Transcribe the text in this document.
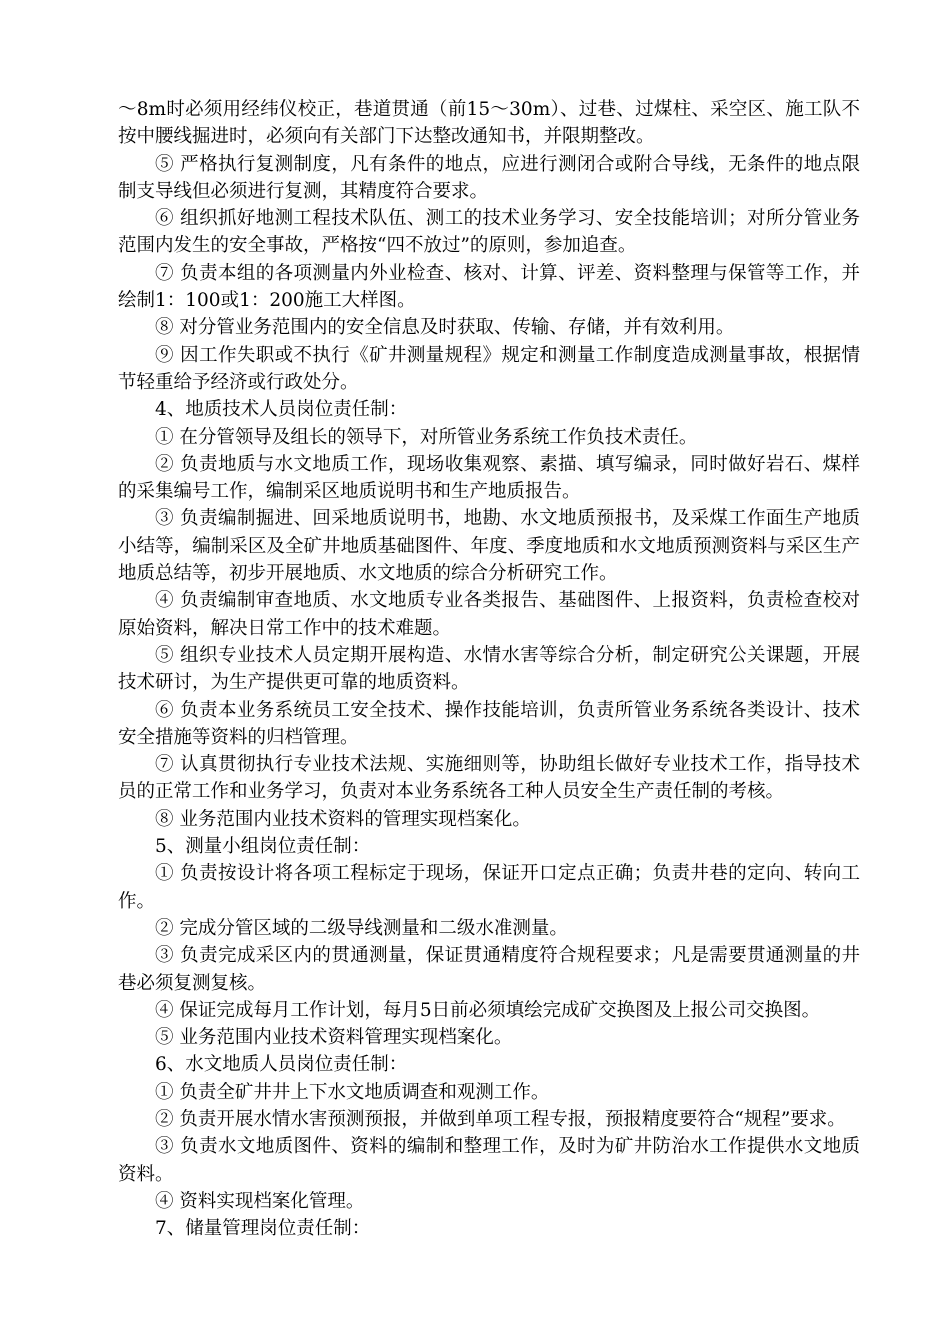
～8m时必须用经纬仪校正，巷道贯通（前15～30m）、过巷、过煤柱、采空区、施工队不按中腰线掘进时，必须向有关部门下达整改通知书，并限期整改。

⑤ 严格执行复测制度，凡有条件的地点，应进行测闭合或附合导线，无条件的地点限制支导线但必须进行复测，其精度符合要求。

⑥ 组织抓好地测工程技术队伍、测工的技术业务学习、安全技能培训；对所分管业务范围内发生的安全事故，严格按“四不放过”的原则，参加追查。

⑦ 负责本组的各项测量内外业检查、核对、计算、评差、资料整理与保管等工作，并绘制1：100或1：200施工大样图。

⑧ 对分管业务范围内的安全信息及时获取、传输、存储，并有效利用。

⑨ 因工作失职或不执行《矿井测量规程》规定和测量工作制度造成测量事故，根据情节轻重给予经济或行政处分。

4、地质技术人员岗位责任制：

① 在分管领导及组长的领导下，对所管业务系统工作负技术责任。

② 负责地质与水文地质工作，现场收集观察、素描、填写编录，同时做好岩石、煤样的采集编号工作，编制采区地质说明书和生产地质报告。

③ 负责编制掘进、回采地质说明书，地勘、水文地质预报书，及采煤工作面生产地质小结等，编制采区及全矿井地质基础图件、年度、季度地质和水文地质预测资料与采区生产地质总结等，初步开展地质、水文地质的综合分析研究工作。

④ 负责编制审查地质、水文地质专业各类报告、基础图件、上报资料，负责检查校对原始资料，解决日常工作中的技术难题。

⑤ 组织专业技术人员定期开展构造、水情水害等综合分析，制定研究公关课题，开展技术研讨，为生产提供更可靠的地质资料。

⑥ 负责本业务系统员工安全技术、操作技能培训，负责所管业务系统各类设计、技术安全措施等资料的归档管理。

⑦ 认真贯彻执行专业技术法规、实施细则等，协助组长做好专业技术工作，指导技术员的正常工作和业务学习，负责对本业务系统各工种人员安全生产责任制的考核。

⑧ 业务范围内业技术资料的管理实现档案化。

5、测量小组岗位责任制：

① 负责按设计将各项工程标定于现场，保证开口定点正确；负责井巷的定向、转向工作。

② 完成分管区域的二级导线测量和二级水准测量。

③ 负责完成采区内的贯通测量，保证贯通精度符合规程要求；凡是需要贯通测量的井巷必须复测复核。

④ 保证完成每月工作计划，每月5日前必须填绘完成矿交换图及上报公司交换图。

⑤ 业务范围内业技术资料管理实现档案化。

6、水文地质人员岗位责任制：

① 负责全矿井井上下水文地质调查和观测工作。

② 负责开展水情水害预测预报，并做到单项工程专报，预报精度要符合“规程”要求。

③ 负责水文地质图件、资料的编制和整理工作，及时为矿井防治水工作提供水文地质资料。

④ 资料实现档案化管理。

7、储量管理岗位责任制：
